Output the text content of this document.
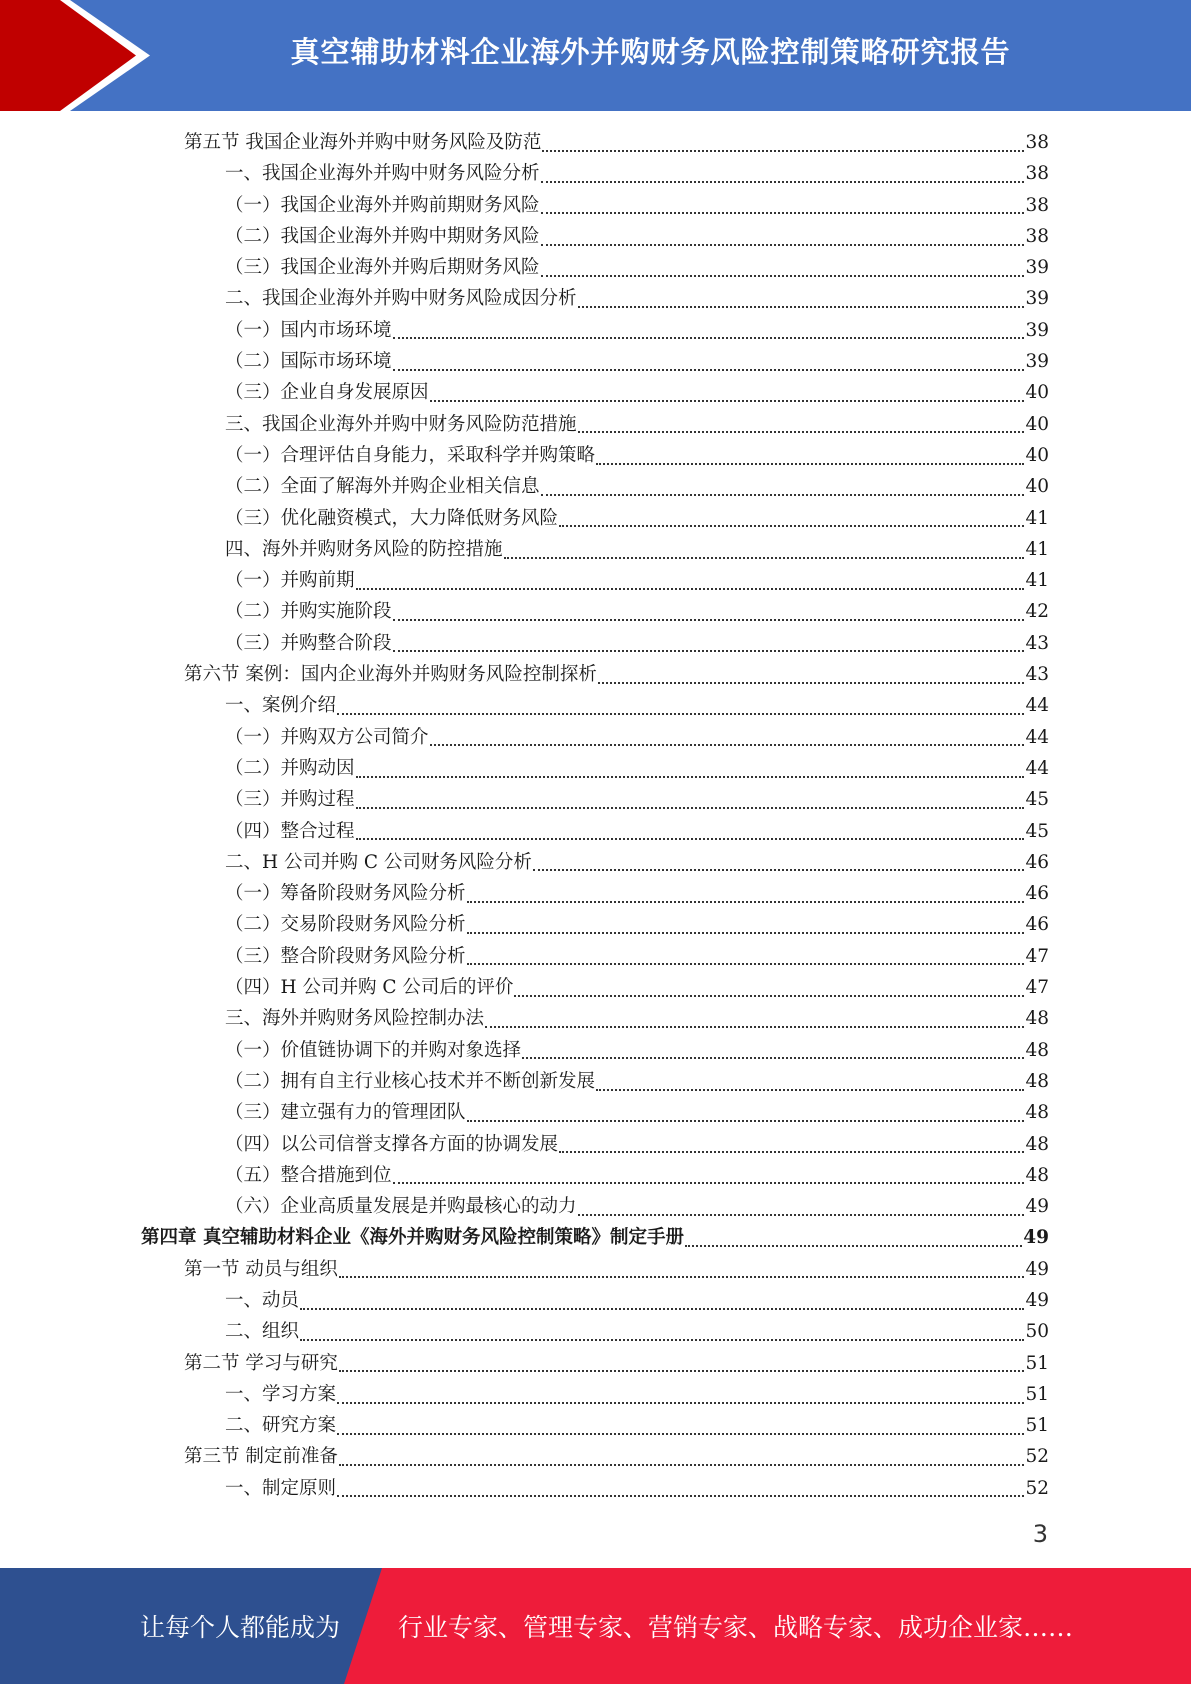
真空辅助材料企业海外并购财务风险控制策略研究报告
第五节 我国企业海外并购中财务风险及防范	38
一、我国企业海外并购中财务风险分析	38
（一）我国企业海外并购前期财务风险	38
（二）我国企业海外并购中期财务风险	38
（三）我国企业海外并购后期财务风险	39
二、我国企业海外并购中财务风险成因分析	39
（一）国内市场环境	39
（二）国际市场环境	39
（三）企业自身发展原因	40
三、我国企业海外并购中财务风险防范措施	40
（一）合理评估自身能力，采取科学并购策略	40
（二）全面了解海外并购企业相关信息	40
（三）优化融资模式，大力降低财务风险	41
四、海外并购财务风险的防控措施	41
（一）并购前期	41
（二）并购实施阶段	42
（三）并购整合阶段	43
第六节 案例：国内企业海外并购财务风险控制探析	43
一、案例介绍	44
（一）并购双方公司简介	44
（二）并购动因	44
（三）并购过程	45
（四）整合过程	45
二、H 公司并购 C 公司财务风险分析	46
（一）筹备阶段财务风险分析	46
（二）交易阶段财务风险分析	46
（三）整合阶段财务风险分析	47
（四）H 公司并购 C 公司后的评价	47
三、海外并购财务风险控制办法	48
（一）价值链协调下的并购对象选择	48
（二）拥有自主行业核心技术并不断创新发展	48
（三）建立强有力的管理团队	48
（四）以公司信誉支撑各方面的协调发展	48
（五）整合措施到位	48
（六）企业高质量发展是并购最核心的动力	49
第四章 真空辅助材料企业《海外并购财务风险控制策略》制定手册	49
第一节 动员与组织	49
一、动员	49
二、组织	50
第二节 学习与研究	51
一、学习方案	51
二、研究方案	51
第三节 制定前准备	52
一、制定原则	52
3
让每个人都能成为 行业专家、管理专家、营销专家、战略专家、成功企业家……
